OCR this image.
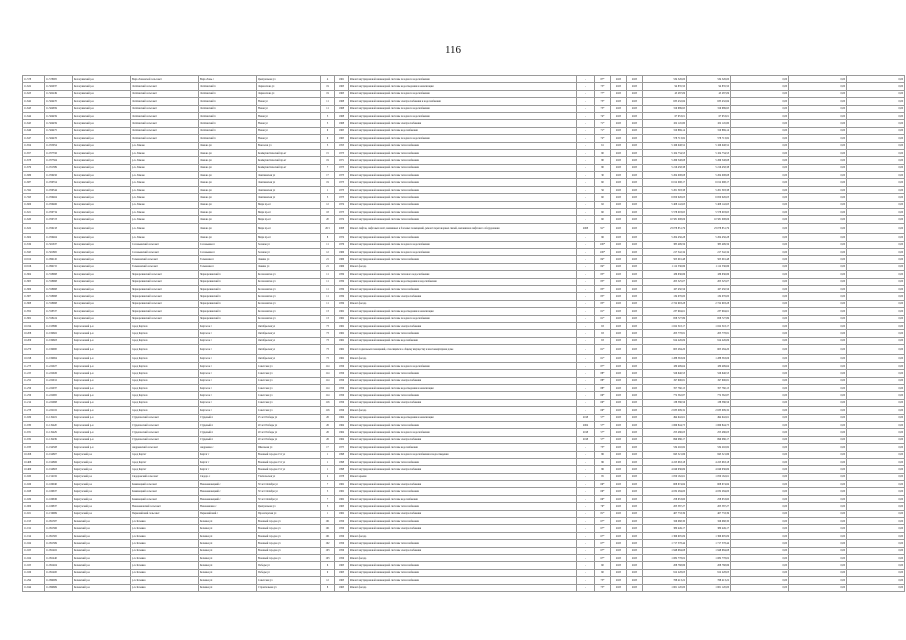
116
11.578	11.578005	Кологривский р-н	Верх-Ломовской сельсовет	Верх-Ломь с	Центральная ул	4	1961	Ремонт внутридомовой инженерной системы холодного водоснабжения	-	87*	2025	2025	534 526,00	534 526,00	0,00	0,00	0,00
11.622	11.562937	Кологривский р-н	Лоптинский сельсовет	Лоптинский п	Лермонтова ул	19	1963	Ремонт внутридомовой инженерной системы водоотведения и канализации	-	75*	2025	2025	94 835,50	94 835,50	0,00	0,00	0,00
11.623	11.562249	Кологривский р-н	Лоптинский сельсовет	Лоптинский п	Лермонтова ул	19	1963	Ремонт внутридомовой инженерной системы холодного водоснабжения	-	77*	2025	2025	45 287,09	45 287,09	0,00	0,00	0,00
11.642	11.564470	Кологривский р-н	Лоптинский сельсовет	Лоптинский п	Новая ул	11	1968	Ремонт внутридомовой инженерной системы электроснабжения и водоснабжения	-	73*	2025	2025	635 432,84	635 432,84	0,00	0,00	0,00
11.643	11.564659	Кологривский р-н	Лоптинский сельсовет	Лоптинский п	Новая ул	11	1968	Ремонт внутридомовой инженерной системы холодного водоснабжения	-	73*	2025	2025	319 689,95	319 689,95	0,00	0,00	0,00
11.644	11.564459	Кологривский р-н	Лоптинский сельсовет	Лоптинский п	Новая ул	3	1968	Ремонт внутридомовой инженерной системы холодного водоснабжения	-	74*	2025	2025	67 953,01	67 953,01	0,00	0,00	0,00
11.645	11.564459	Кологривский р-н	Лоптинский сельсовет	Лоптинский п	Новая ул	3	1968	Ремонт внутридомовой инженерной системы электроснабжения	-	71*	2025	2025	102 145,80	102 145,80	0,00	0,00	0,00
11.646	11.564475	Кологривский р-н	Лоптинский сельсовет	Лоптинский п	Новая ул	9	1965	Ремонт внутридомовой инженерной системы водоснабжения	-	71*	2025	2025	310 869,14	310 869,14	0,00	0,00	0,00
11.647	11.564476	Кологривский р-н	Лоптинский сельсовет	Лоптинский п	Новая ул	9	1965	Ремонт внутридомовой инженерной системы холодного водоснабжения	-	72*	2025	2025	578 713,82	578 713,82	0,00	0,00	0,00
11.654	11.055954	Кологривский р-н	р.п. Ламово	Ламово рп	Вокзалов ул	3	1953	Ремонт внутридомовой инженерной системы теплоснабжения	-	61	2025	2025	5 166 048,52	5 166 048,52	0,00	0,00	0,00
11.657	11.057556	Кологривский р-н	р.п. Ламово	Ламово рп	Коммунистический пр-кт	15	1973	Ремонт внутридомовой инженерной системы теплоснабжения	-	90	2025	2025	5 104 734,53	5 104 734,53	0,00	0,00	0,00
11.678	11.057564	Кологривский р-н	р.п. Ламово	Ламово рп	Коммунистический пр-кт	19	1971	Ремонт внутридомовой инженерной системы теплоснабжения	-	80	2025	2025	5 269 548,08	5 269 548,08	0,00	0,00	0,00
11.679	11.051389	Кологривский р-н	р.п. Ламово	Ламово рп	Коммунистический пр-кт	7	1973	Ремонт внутридомовой инженерной системы теплоснабжения	-	80	2025	2025	5 216 458,38	5 216 458,38	0,00	0,00	0,00
11.686	11.056456	Кологривский р-н	р.п. Ламово	Ламово рп	Ленгвинская ул	17	1973	Ремонт внутридомовой инженерной системы теплоснабжения	-	30	2025	2025	5 204 008,08	5 204 008,08	0,00	0,00	0,00
11.687	11.056554	Кологривский р-н	р.п. Ламово	Ламово рп	Ленгвинская ул	19	1973	Ремонт внутридомовой инженерной системы теплоснабжения	-	60	2025	2025	6 012 098,17	6 012 098,17	0,00	0,00	0,00
11.592	11.056344	Кологривский р-н	р.п. Ламово	Ламово рп	Ленгвинская ул	1	1973	Ремонт внутридомовой инженерной системы теплоснабжения	-	56	2025	2025	5 201 393,38	5 201 393,38	0,00	0,00	0,00
11.593	11.056464	Кологривский р-н	р.п. Ламово	Ламово рп	Ленгвинская ул	3	1973	Ремонт внутридомовой инженерной системы теплоснабжения	-	60	2025	2025	6 650 026,03	6 650 026,03	0,00	0,00	0,00
11.606	11.056466	Кологривский р-н	р.п. Ламово	Ламово рп	Мира пр-кт	12	1974	Ремонт внутридомовой инженерной системы теплоснабжения	-	92	2025	2025	5 408 142,63	5 408 142,63	0,00	0,00	0,00
11.621	11.056734	Кологривский р-н	р.п. Ламово	Ламово рп	Мира пр-кт	18	1973	Ремонт внутридомовой инженерной системы теплоснабжения	-	60	2025	2025	5 578 003,65	5 578 003,65	0,00	0,00	0,00
11.620	11.056723	Кологривский р-н	р.п. Ламово	Ламово рп	Мира пр-кт	20	1974	Ремонт внутридомовой инженерной системы теплоснабжения	-	60	2025	2025	10 581 008,06	10 581 008,06	0,00	0,00	0,00
11.622	11.056218	Кологривский р-н	р.п. Ламово	Ламово рп	Мира пр-кт	20/1	2008	Ремонт лифтов, лифтовых шахт, машинных и блочных помещений, ремонт переговорных связей, механизмов лифтового оборудования	2008	91*	2025	2025	23 078 851,79	23 078 851,79	0,00	0,00	0,00
11.604	11.056464	Кологривский р-н	р.п. Ламово	Ламово рп	Мира пр-кт	8	1974	Ремонт внутридомовой инженерной системы теплоснабжения	-	96	2025	2025	5 204 456,28	5 204 456,28	0,00	0,00	0,00
11.819	11.561637	Кологривский р-н	Соловьевский сельсовет	Соловьевка п	Зеленая ул	11	1976	Ремонт внутридомовой инженерной системы холодного водоснабжения	-	100*	2025	2025	385 499,59	385 499,59	0,00	0,00	0,00
11.845	11.561865	Кологривский р-н	Соловьевский сельсовет	Соловьевка п	Зеленая ул	12	1966	Ремонт внутридомовой инженерной системы холодного водоснабжения	-	100*	2025	2025	217 542,34	217 542,34	0,00	0,00	0,00
10.912	11.099145	Кологривский р-н	Тальменский сельсовет	Тальменка п	Ленина ул	21	1966	Ремонт внутридомовой инженерной системы теплоснабжения	-	84*	2025	2025	505 091,48	505 091,48	0,00	0,00	0,00
10.916	11.099155	Кологривский р-н	Тальменский сельсовет	Тальменка п	Ленина ул	21	1966	Ремонт фасада	-	84*	2025	2025	1 112 536,86	1 112 536,86	0,00	0,00	0,00
11.804	11.558968	Кологривский р-н	Черноречинский сельсовет	Черноречинский п	Космонавтов ул	11	1959	Ремонт внутридомовой инженерной системы теплового водоснабжения	-	85*	2025	2025	186 636,86	186 636,86	0,00	0,00	0,00
11.805	11.558968	Кологривский р-н	Черноречинский сельсовет	Черноречинский п	Космонавтов ул	11	1959	Ремонт внутридомовой инженерной системы водоотведения и водоснабжения	-	85*	2025	2025	205 525,07	205 525,07	0,00	0,00	0,00
11.806	11.558968	Кологривский р-н	Черноречинский сельсовет	Черноречинский п	Космонавтов ул	11	1959	Ремонт внутридомовой инженерной системы теплоснабжения	-	85*	2025	2025	167 450,56	167 450,56	0,00	0,00	0,00
11.807	11.558968	Кологривский р-н	Черноречинский сельсовет	Черноречинский п	Космонавтов ул	11	1959	Ремонт внутридомовой инженерной системы электроснабжения	-	85*	2025	2025	134 076,00	134 076,00	0,00	0,00	0,00
11.808	11.558968	Кологривский р-н	Черноречинский сельсовет	Черноречинский п	Космонавтов ул	11	1959	Ремонт фасада	-	85*	2025	2025	2 722 993,28	2 722 993,28	0,00	0,00	0,00
11.852	11.558337	Кологривский р-н	Черноречинский сельсовет	Черноречинский п	Космонавтов ул	13	1962	Ремонт внутридомовой инженерной системы водоотведения и канализации	-	61*	2025	2025	237 994,61	237 994,61	0,00	0,00	0,00
11.802	11.558224	Кологривский р-н	Черноречинский сельсовет	Черноречинский п	Космонавтов ул	13	1962	Ремонт внутридомовой инженерной системы холодного водоснабжения	-	61*	2025	2025	658 727,89	658 727,89	0,00	0,00	0,00
10.194	11.013886	Каргасокский р-н	город Каргаск	Каргасок г	Октябрьская ул	73	1962	Ремонт внутридомовой инженерной системы электроснабжения	-	63	2025	2025	1 022 318,17	1 022 318,17	0,00	0,00	0,00
10.208	11.019602	Каргасокский р-н	город Каргаск	Каргасок г	Октябрьская ул	73	1962	Ремонт внутридомовой инженерной системы теплоснабжения	-	63	2025	2025	203 778,81	203 778,81	0,00	0,00	0,00
10.209	11.019603	Каргасокский р-н	город Каргаск	Каргасок г	Октябрьская ул	73	1962	Ремонт внутридомовой инженерной системы водоснабжения	-	63	2025	2025	914 226,09	914 226,09	0,00	0,00	0,00
10.270	11.019900	Каргасокский р-н	город Каргаск	Каргасок г	Октябрьская ул	73	1962	Ремонт подвальных помещений, относящихся к общему имуществу в многоквартирном доме	-	61*	2025	2025	605 284,20	605 284,20	0,00	0,00	0,00
10.198	11.019964	Каргасокский р-н	город Каргаск	Каргасок г	Октябрьская ул	73	1962	Ремонт фасада	-	61*	2025	2025	1 288 363,06	1 288 363,06	0,00	0,00	0,00
11.273	11.222927	Каргасокский р-н	город Каргаск	Каргасок г	Советская ул	114	1956	Ремонт внутридомовой инженерной системы холодного водоснабжения	-	87*	2025	2025	180 499,64	180 499,64	0,00	0,00	0,00
11.225	11.222926	Каргасокский р-н	город Каргаск	Каргасок г	Советская ул	114	1956	Ремонт внутридомовой инженерной системы теплоснабжения	-	88*	2025	2025	526 646,53	526 646,53	0,00	0,00	0,00
11.252	11.222912	Каргасокский р-н	город Каргаск	Каргасок г	Советская ул	114	1956	Ремонт внутридомовой инженерной системы электроснабжения	-	88*	2025	2025	197 606,81	197 606,81	0,00	0,00	0,00
11.256	11.222937	Каргасокский р-н	город Каргаск	Каргасок г	Советская ул	114	1956	Ремонт внутридомовой инженерной системы водоотведения и канализации	-	88*	2025	2025	357 760,15	357 760,15	0,00	0,00	0,00
11.256	11.222965	Каргасокский р-н	город Каргаск	Каргасок г	Советская ул	114	1956	Ремонт внутридомовой инженерной системы теплоснабжения	-	69*	2025	2025	772 562,87	772 562,87	0,00	0,00	0,00
11.214	11.222968	Каргасокский р-н	город Каргаск	Каргасок г	Советская ул	116	1956	Ремонт внутридомовой инженерной системы электроснабжения	-	69*	2025	2025	138 386,56	138 386,56	0,00	0,00	0,00
11.278	11.222102	Каргасокский р-н	город Каргаск	Каргасок г	Советская ул	116	1956	Ремонт фасада	-	69*	2025	2025	2 633 009,32	2 633 009,32	0,00	0,00	0,00
11.929	11.119419	Каргасокский р-н	Студенческий сельсовет	Студеный п	25 лет Победы ул	26	1964	Ремонт внутридомовой инженерной системы водоотведения и канализации	2018	57*	2025	2025	494 942,61	494 942,61	0,00	0,00	0,00
11.930	11.119420	Каргасокский р-н	Студенческий сельсовет	Студеный п	20 лет Победы ул	26	1964	Ремонт внутридомовой инженерной системы теплоснабжения	2004	57*	2025	2025	1 069 844,75	1 069 844,75	0,00	0,00	0,00
11.931	11.119429	Каргасокский р-н	Студенческий сельсовет	Студеный п	20 лет Победы ул	26	1964	Ремонт внутридомовой инженерной системы холодного водоснабжения	2018	57*	2025	2025	255 486,03	255 486,03	0,00	0,00	0,00
11.932	11.119439	Каргасокский р-н	Студенческий сельсовет	Студеный п	20 лет Победы ул	26	1964	Ремонт внутридомовой инженерной системы электроснабжения	2018	57*	2025	2025	699 086,17	699 086,17	0,00	0,00	0,00
11.933	11.194508	Каргасокский р-н	Андреевский сельсовет	Андреевка с	Школьная ул	17	1975	Ремонт внутридомовой инженерной системы водоснабжения	-	73*	2025	2025	534 202,82	534 202,82	0,00	0,00	0,00
10.458	11.014807	Каратузский р-н	город Каргат	Каргат г	Военный городок 151 ул	1	1998	Ремонт внутридомовой инженерной системы холодного водоснабжения и водоотведения	-	86	2025	2025	843 521,86	843 521,86	0,00	0,00	0,00
10.468	11.014806	Каратузский р-н	город Каргат	Каргат г	Военный городок 151 ул	1	1998	Ремонт внутридомовой инженерной системы теплоснабжения	-	86	2025	2025	4 223 963,18	4 223 963,18	0,00	0,00	0,00
10.469	11.014803	Каратузский р-н	город Каргат	Каргат г	Военный городок 151 ул	1	1998	Ремонт внутридомовой инженерной системы электроснабжения	-	86	2025	2025	4 049 936,69	4 049 936,69	0,00	0,00	0,00
11.920	11.154182	Каратузский р-н	Сидоровский сельсовет	Сидоро с	Учительская ул	2	1978	Ремонт крыши	-	95	2025	2025	1 050 162,61	1 050 162,61	0,00	0,00	0,00
11.926	11.166040	Каратузский р-н	Каменецкий сельсовет	Новокаменецкий с	50 лет Октября ул	7	1962	Ремонт внутридомовой инженерной системы электроснабжения	-	69*	2025	2025	608 674,84	608 674,84	0,00	0,00	0,00
11.928	11.166637	Каратузский р-н	Каменецкий сельсовет	Новокаменецкий с	50 лет Октября ул	5	1962	Ремонт внутридомовой инженерной системы теплоснабжения	-	69*	2025	2025	4 032 284,00	4 032 284,00	0,00	0,00	0,00
11.929	11.166636	Каратузский р-н	Каменецкий сельсовет	Новокаменецкий с	50 лет Октября ул	7	1962	Ремонт внутридомовой инженерной системы водоснабжения	-	69*	2025	2025	258 653,60	258 653,60	0,00	0,00	0,00
11.906	11.166837	Каратузский р-н	Новокаменский сельсовет	Новокаменка с	Центральная ул	3	1963	Ремонт внутридомовой инженерной системы теплоснабжения	-	79*	2025	2025	203 587,27	203 587,27	0,00	0,00	0,00
11.921	11.156969	Каратузский р-н	Первомайский сельсовет	Первомайский с	Пролетарская ул	1	1962	Ремонт внутридомовой инженерной системы электроснабжения	-	81*	2025	2025	407 733,39	407 733,39	0,00	0,00	0,00
11.013	11.091387	Кочевский р-н	р.п. Кочевка	Кочевка рп	Военный городок ул	101	1956	Ремонт внутридомовой инженерной системы теплоснабжения	-	67*	2025	2025	326 068,30	326 068,30	0,00	0,00	0,00
11.012	11.091366	Кочевский р-н	р.п. Кочевка	Кочевка рп	Военный городок ул	101	1956	Ремонт внутридомовой инженерной системы электроснабжения	-	67*	2025	2025	380 449,17	380 449,17	0,00	0,00	0,00
11.014	11.091365	Кочевский р-н	р.п. Кочевка	Кочевка рп	Военный городок ул	101	1956	Ремонт фасада	-	67*	2025	2025	1 366 905,09	1 366 905,09	0,00	0,00	0,00
11.024	11.091369	Кочевский р-н	р.п. Кочевка	Кочевка рп	Военный городок ул	102	1956	Ремонт внутридомовой инженерной системы теплоснабжения	-	67*	2025	2025	1 717 578,44	1 717 578,44	0,00	0,00	0,00
11.025	11.091402	Кочевский р-н	р.п. Кочевка	Кочевка рп	Военный городок ул	103	1956	Ремонт внутридомовой инженерной системы электроснабжения	-	67*	2025	2025	1 948 684,08	1 948 684,08	0,00	0,00	0,00
11.024	11.091440	Кочевский р-н	р.п. Кочевка	Кочевка рп	Военный городок ул	103	1956	Ремонт фасада	-	67*	2025	2025	1 082 778,02	1 082 778,02	0,00	0,00	0,00
11.025	11.091404	Кочевский р-н	р.п. Кочевка	Кочевка рп	Победы ул	6	1963	Ремонт внутридомовой инженерной системы теплоснабжения	-	60	2025	2025	208 768,86	208 768,86	0,00	0,00	0,00
11.026	11.091400	Кочевский р-н	р.п. Кочевка	Кочевка рп	Победы ул	9	1963	Ремонт внутридомовой инженерной системы теплоснабжения	-	60	2025	2025	912 228,03	912 228,03	0,00	0,00	0,00
11.294	11.099009	Кочевский р-н	р.п. Кочевка	Кочевка рп	Советская ул	12	1963	Ремонт внутридомовой инженерной системы теплоснабжения	-	75*	2025	2025	768 413,22	768 413,22	0,00	0,00	0,00
11.944	11.099669	Кочевский р-н	р.п. Кочевка	Кочевка рп	Строительная ул	8	1963	Ремонт фасада	-	75*	2025	2025	1 601 120,00	1 601 120,00	0,00	0,00	0,00
